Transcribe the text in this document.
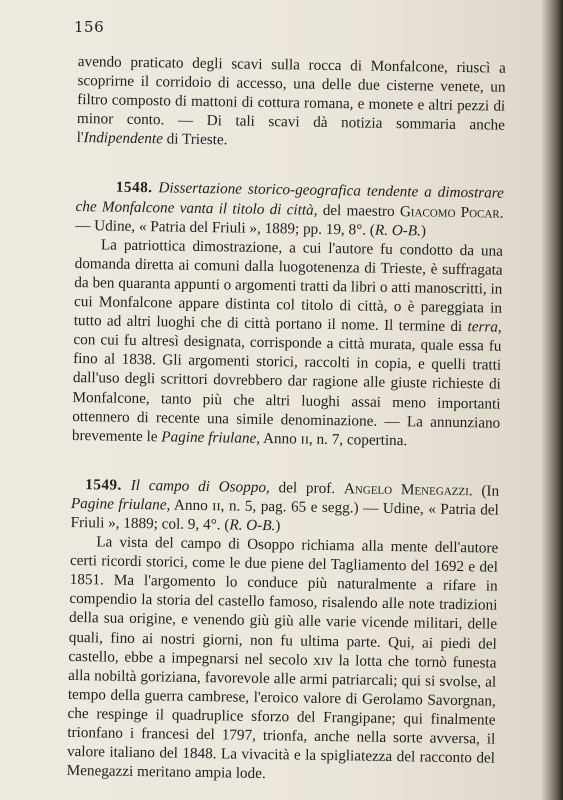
156

avendo praticato degli scavi sulla rocca di Monfalcone, riuscì a scoprirne il corridoio di accesso, una delle due cisterne venete, un filtro composto di mattoni di cottura romana, e monete e altri pezzi di minor conto. — Di tali scavi dà notizia sommaria anche l'Indipendente di Trieste.

1548. Dissertazione storico-geografica tendente a dimostrare che Monfalcone vanta il titolo di città, del maestro Giacomo Pocar. — Udine, « Patria del Friuli », 1889; pp. 19, 8°. (R. O-B.)

La patriottica dimostrazione, a cui l'autore fu condotto da una domanda diretta ai comuni dalla luogotenenza di Trieste, è suffragata da ben quaranta appunti o argomenti tratti da libri o atti manoscritti, in cui Monfalcone appare distinta col titolo di città, o è pareggiata in tutto ad altri luoghi che di città portano il nome. Il termine di terra, con cui fu altresì designata, corrisponde a città murata, quale essa fu fino al 1838. Gli argomenti storici, raccolti in copia, e quelli tratti dall'uso degli scrittori dovrebbero dar ragione alle giuste richieste di Monfalcone, tanto più che altri luoghi assai meno importanti ottennero di recente una simile denominazione. — La annunziano brevemente le Pagine friulane, Anno ɪɪ, n. 7, copertina.

1549. Il campo di Osoppo, del prof. Angelo Menegazzi. (In Pagine friulane, Anno ɪɪ, n. 5, pag. 65 e segg.) — Udine, « Patria del Friuli », 1889; col. 9, 4°. (R. O-B.)

La vista del campo di Osoppo richiama alla mente dell'autore certi ricordi storici, come le due piene del Tagliamento del 1692 e del 1851. Ma l'argomento lo conduce più naturalmente a rifare in compendio la storia del castello famoso, risalendo alle note tradizioni della sua origine, e venendo giù giù alle varie vicende militari, delle quali, fino ai nostri giorni, non fu ultima parte. Qui, ai piedi del castello, ebbe a impegnarsi nel secolo xɪv la lotta che tornò funesta alla nobiltà goriziana, favorevole alle armi patriarcali; qui si svolse, al tempo della guerra cambrese, l'eroico valore di Gerolamo Savorgnan, che respinge il quadruplice sforzo del Frangipane; qui finalmente trionfano i francesi del 1797, trionfa, anche nella sorte avversa, il valore italiano del 1848. La vivacità e la spigliatezza del racconto del Menegazzi meritano ampia lode.
